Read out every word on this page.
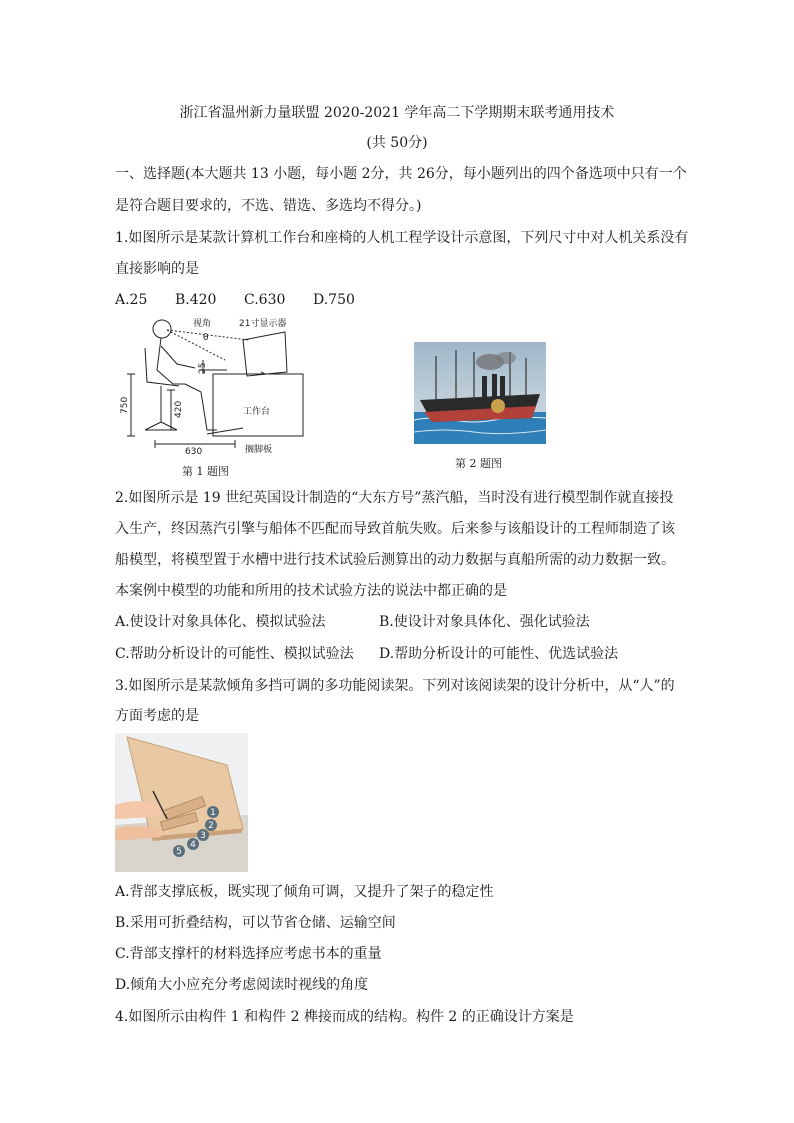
浙江省温州新力量联盟 2020-2021 学年高二下学期期末联考通用技术
(共 50分)
一、选择题(本大题共 13 小题，每小题 2分，共 26分，每小题列出的四个备选项中只有一个
是符合题目要求的，不选、错选、多选均不得分。)
1.如图所示是某款计算机工作台和座椅的人机工程学设计示意图，下列尺寸中对人机关系没有
直接影响的是
A.25 B.420 C.630 D.750
视角
θ
21寸显示器
工作台
搁脚板
25
750	420
630
第 1 题图
第 2 题图
2.如图所示是 19 世纪英国设计制造的“大东方号”蒸汽船，当时没有进行模型制作就直接投
入生产，终因蒸汽引擎与船体不匹配而导致首航失败。后来参与该船设计的工程师制造了该
船模型，将模型置于水槽中进行技术试验后测算出的动力数据与真船所需的动力数据一致。
本案例中模型的功能和所用的技术试验方法的说法中都正确的是
A.使设计对象具体化、模拟试验法	B.使设计对象具体化、强化试验法
C.帮助分析设计的可能性、模拟试验法 D.帮助分析设计的可能性、优选试验法
3.如图所示是某款倾角多挡可调的多功能阅读架。下列对该阅读架的设计分析中，从“人”的
方面考虑的是
1
2
3
4
5
A.背部支撑底板，既实现了倾角可调，又提升了架子的稳定性
B.采用可折叠结构，可以节省仓储、运输空间
C.背部支撑杆的材料选择应考虑书本的重量
D.倾角大小应充分考虑阅读时视线的角度
4.如图所示由构件 1 和构件 2 榫接而成的结构。构件 2 的正确设计方案是
